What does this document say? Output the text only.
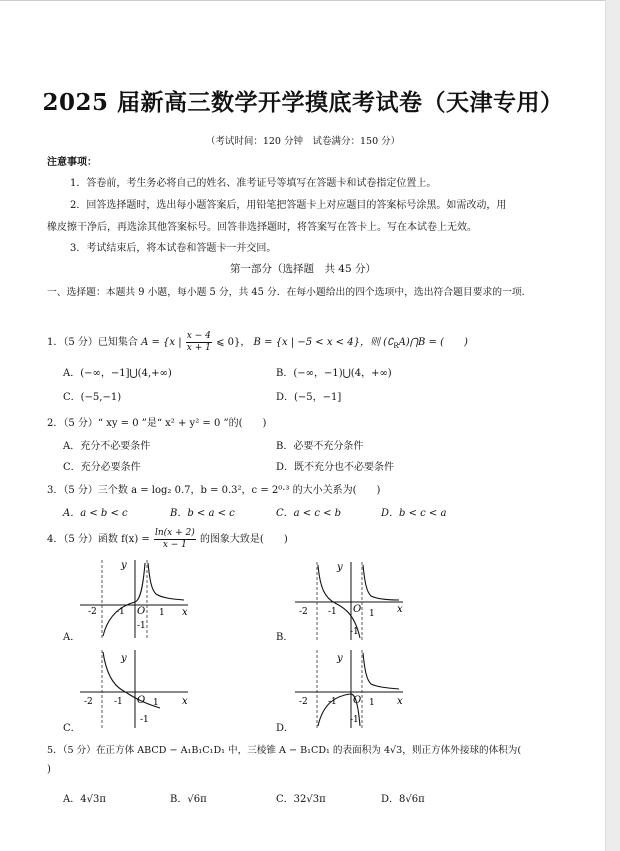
2025 届新高三数学开学摸底考试卷（天津专用）
（考试时间：120 分钟　试卷满分：150 分）
注意事项：
1．答卷前，考生务必将自己的姓名、准考证号等填写在答题卡和试卷指定位置上。
2．回答选择题时，选出每小题答案后，用铅笔把答题卡上对应题目的答案标号涂黑。如需改动，用
橡皮擦干净后，再选涂其他答案标号。回答非选择题时，将答案写在答卡上。写在本试卷上无效。
3．考试结束后，将本试卷和答题卡一并交回。
第一部分（选择题　共 45 分）
一、选择题：本题共 9 小题，每小题 5 分，共 45 分．在每小题给出的四个选项中，选出符合题目要求的一项．
1．（5 分）已知集合 A = {x | $\frac{x - 4}{x + 1}$ ⩽ 0}， B = {x | −5 < x < 4}，则 $(∁_RA)⋂B$ = (　　)
A．(−∞，−1]⋃(4,+∞)	B．(−∞，−1)⋃(4，+∞)
C．(−5,−1)	D．(−5，−1]
2．（5 分）“ xy = 0 ”是“ x² + y² = 0 ”的(　　)
A．充分不必要条件	B．必要不充分条件
C．充分必要条件	D．既不充分也不必要条件
3．（5 分）三个数 a = log₂ 0.7，b = 0.3²，c = 2⁰·³ 的大小关系为(　　)
A．a < b < c	B．b < a < c	C．a < c < b	D．b < c < a
4．（5 分）函数 $f(x) = \frac{\ln(x + 2)}{x - 1}$ 的图象大致是(　　)
y
x
-2 -1 O 1
-1
A．
y
x
-2 -1 O 1
-1
B．
y
x
-2 -1 O 1
-1
C．
y
x
-2 -1 O 1
-1
D．
5．（5 分）在正方体 ABCD − A₁B₁C₁D₁ 中，三棱锥 A − B₁CD₁ 的表面积为 4√3，则正方体外接球的体积为(
)
A．4√3π	B．√6π	C．32√3π	D．8√6π
